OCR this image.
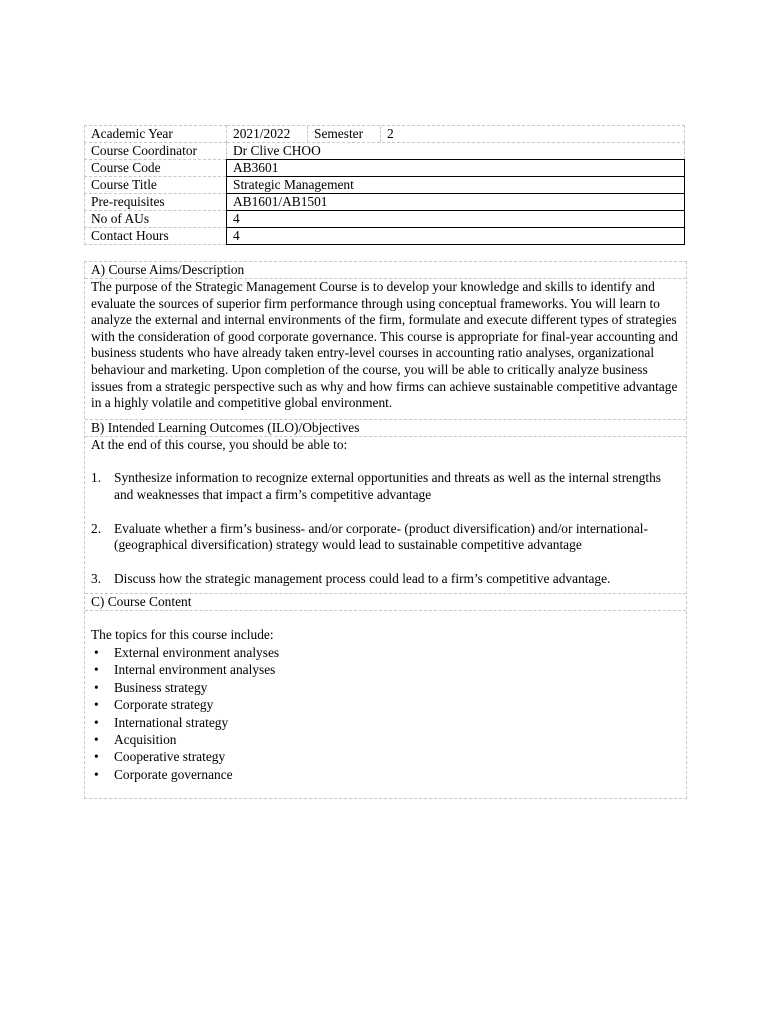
Academic Year	2021/2022 Semester 2

Course Coordinator	Dr Clive CHOO
Course Code	AB3601
Course Title	Strategic Management
Pre-requisites	AB1601/AB1501
No of AUs	4
Contact Hours	4
A) Course Aims/Description

The purpose of the Strategic Management Course is to develop your knowledge and skills to identify and evaluate the sources of superior firm performance through using conceptual frameworks. You will learn to analyze the external and internal environments of the firm, formulate and execute different types of strategies with the consideration of good corporate governance. This course is appropriate for final-year accounting and business students who have already taken entry-level courses in accounting ratio analyses, organizational behaviour and marketing. Upon completion of the course, you will be able to critically analyze business issues from a strategic perspective such as why and how firms can achieve sustainable competitive advantage in a highly volatile and competitive global environment.

B) Intended Learning Outcomes (ILO)/Objectives
At the end of this course, you should be able to:
1. Synthesize information to recognize external opportunities and threats as well as the internal strengths and weaknesses that impact a firm’s competitive advantage
2. Evaluate whether a firm’s business- and/or corporate- (product diversification) and/or international- (geographical diversification) strategy would lead to sustainable competitive advantage
3. Discuss how the strategic management process could lead to a firm’s competitive advantage.
C) Course Content
The topics for this course include:
• External environment analyses
• Internal environment analyses
• Business strategy
• Corporate strategy
• International strategy
• Acquisition
• Cooperative strategy
• Corporate governance
